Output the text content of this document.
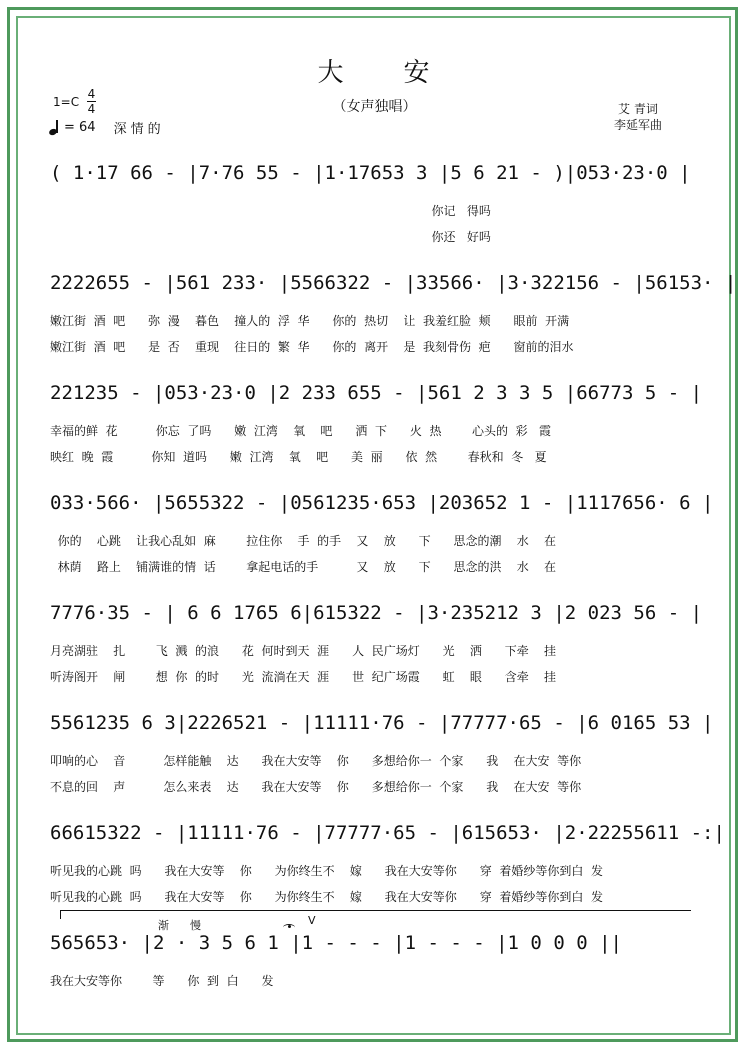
大 安
（女声独唱）
1=C
4
4
= 64 深情的
艾 青词
李延军曲
( 1·17 66 - |7·76 55 - |1·17653 3 |5 6 21 - )|053·23·0 |
你记   得吗
你还   好吗
2222655 - |561 233· |5566322 - |33566· |3·322156 - |56153· |
嫩江街  酒  吧      弥  漫    暮色    撞人的  浮  华      你的  热切    让  我羞红脸  颊      眼前  开满
嫩江街  酒  吧      是  否    重现    往日的  繁  华      你的  离开    是  我刻骨伤  疤      窗前的泪水
221235 - |053·23·0 |2 233 655 - |561 2 3 3 5 |66773 5 - |
幸福的鲜  花          你忘  了吗      嫩  江湾    氧    吧      洒  下      火  热        心头的  彩   霞
映红  晚  霞          你知  道吗      嫩  江湾    氧    吧      美  丽      依  然        春秋和  冬   夏
033·566· |5655322 - |0561235·653 |203652 1 - |1117656· 6 |
你的    心跳    让我心乱如  麻        拉住你    手  的手    又    放      下      思念的潮    水    在
林荫    路上    铺满谁的情  话        拿起电话的手          又    放      下      思念的洪    水    在
7776·35 - | 6 6 1765 6|615322 - |3·235212 3 |2 023 56 - |
月亮湖驻    扎        飞  溅  的浪      花  何时到天  涯      人  民广场灯      光    洒      下牵    挂
听涛阁开    闸        想  你  的时      光  流淌在天  涯      世  纪广场霞      虹    眼      含牵    挂
5561235 6 3|2226521 - |11111·76 - |77777·65 - |6 0165 53 |
叩响的心    音          怎样能触    达      我在大安等    你      多想给你一  个家      我    在大安  等你
不息的回    声          怎么来表    达      我在大安等    你      多想给你一  个家      我    在大安  等你
66615322 - |11111·76 - |77777·65 - |615653· |2·22255611 -:|
听见我的心跳  吗      我在大安等    你      为你终生不    嫁      我在大安等你      穿  着婚纱等你到白  发
听见我的心跳  吗      我在大安等    你      为你终生不    嫁      我在大安等你      穿  着婚纱等你到白  发
渐 慢	V
565653· |2 · 3 5 6 1 |1 - - - |1 - - - |1 0 0 0 ||
我在大安等你        等      你  到  白      发
